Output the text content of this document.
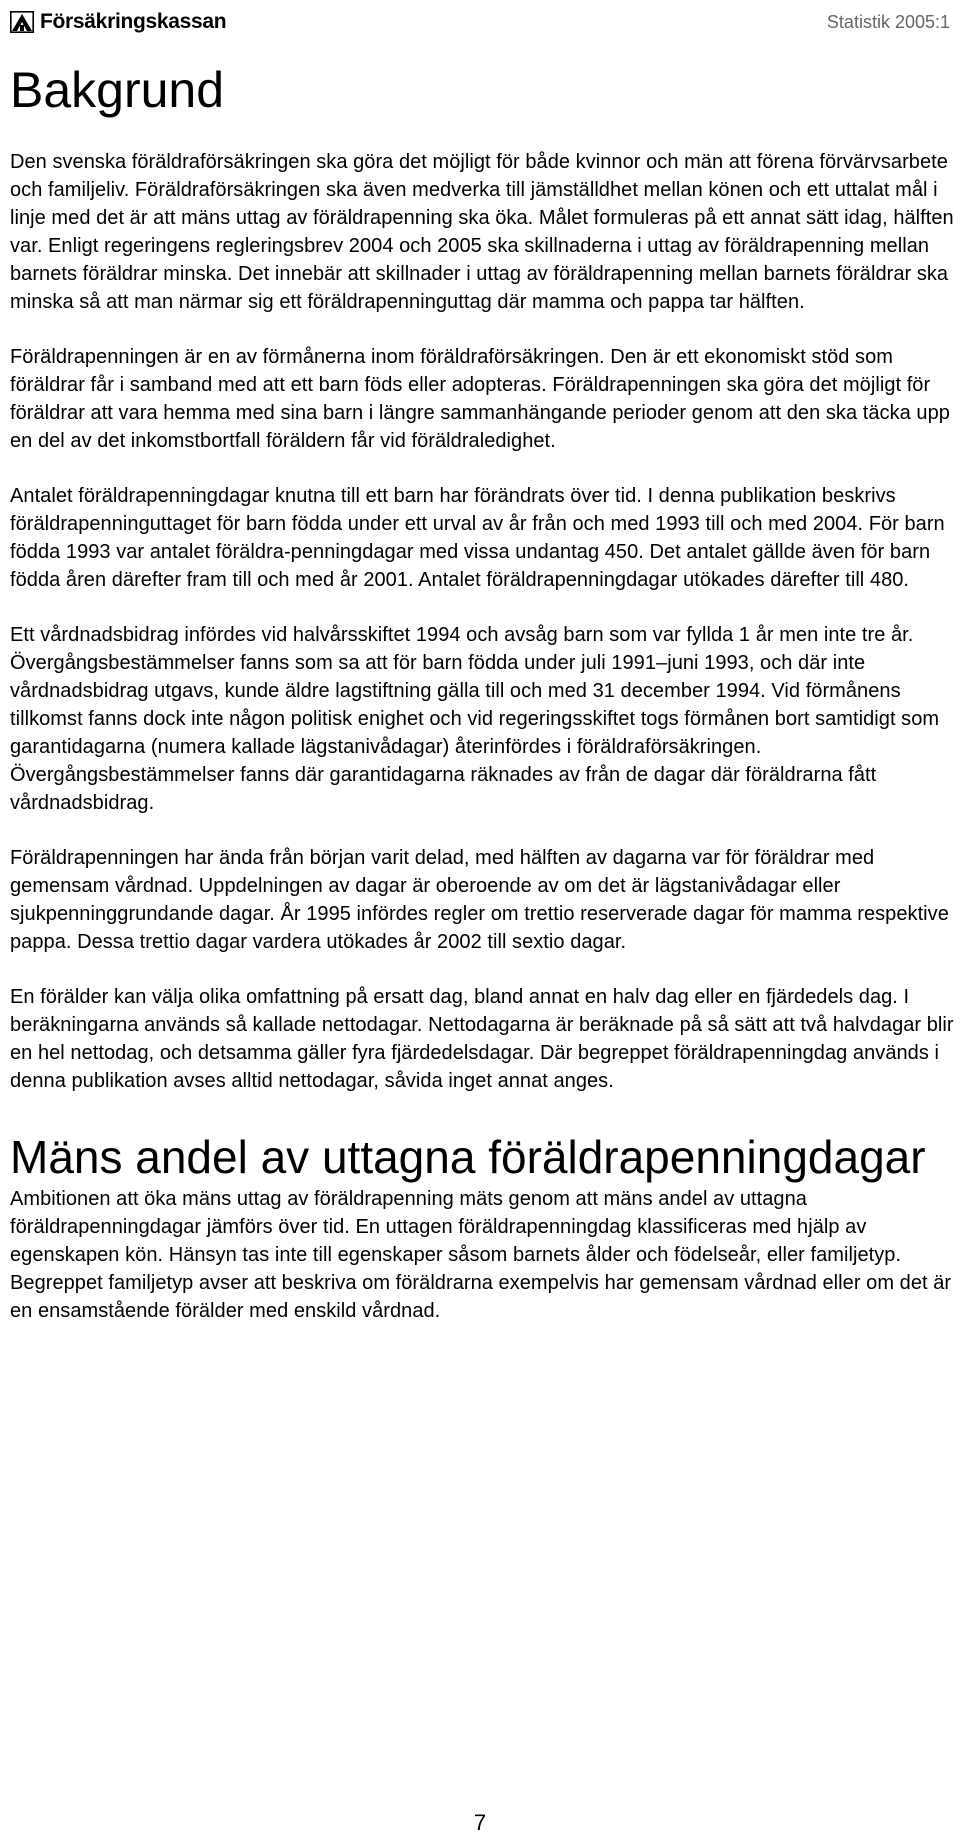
Försäkringskassan	Statistik 2005:1
Bakgrund

Den svenska föräldraförsäkringen ska göra det möjligt för både kvinnor och män att förena förvärvsarbete och familjeliv. Föräldraförsäkringen ska även medverka till jämställdhet mellan könen och ett uttalat mål i linje med det är att mäns uttag av föräldrapenning ska öka. Målet formuleras på ett annat sätt idag, hälften var. Enligt regeringens regleringsbrev 2004 och 2005 ska skillnaderna i uttag av föräldrapenning mellan barnets föräldrar minska. Det innebär att skillnader i uttag av föräldrapenning mellan barnets föräldrar ska minska så att man närmar sig ett föräldrapenninguttag där mamma och pappa tar hälften.

Föräldrapenningen är en av förmånerna inom föräldraförsäkringen. Den är ett ekonomiskt stöd som föräldrar får i samband med att ett barn föds eller adopteras. Föräldrapenningen ska göra det möjligt för föräldrar att vara hemma med sina barn i längre sammanhängande perioder genom att den ska täcka upp en del av det inkomstbortfall föräldern får vid föräldraledighet.

Antalet föräldrapenningdagar knutna till ett barn har förändrats över tid. I denna publikation beskrivs föräldrapenninguttaget för barn födda under ett urval av år från och med 1993 till och med 2004. För barn födda 1993 var antalet föräldra-penningdagar med vissa undantag 450. Det antalet gällde även för barn födda åren därefter fram till och med år 2001. Antalet föräldrapenningdagar utökades därefter till 480.

Ett vårdnadsbidrag infördes vid halvårsskiftet 1994 och avsåg barn som var fyllda 1 år men inte tre år. Övergångsbestämmelser fanns som sa att för barn födda under juli 1991–juni 1993, och där inte vårdnadsbidrag utgavs, kunde äldre lagstiftning gälla till och med 31 december 1994. Vid förmånens tillkomst fanns dock inte någon politisk enighet och vid regeringsskiftet togs förmånen bort samtidigt som garantidagarna (numera kallade lägstanivådagar) återinfördes i föräldraförsäkringen. Övergångsbestämmelser fanns där garantidagarna räknades av från de dagar där föräldrarna fått vårdnadsbidrag.

Föräldrapenningen har ända från början varit delad, med hälften av dagarna var för föräldrar med gemensam vårdnad. Uppdelningen av dagar är oberoende av om det är lägstanivådagar eller sjukpenninggrundande dagar. År 1995 infördes regler om trettio reserverade dagar för mamma respektive pappa. Dessa trettio dagar vardera utökades år 2002 till sextio dagar.

En förälder kan välja olika omfattning på ersatt dag, bland annat en halv dag eller en fjärdedels dag. I beräkningarna används så kallade nettodagar. Nettodagarna är beräknade på så sätt att två halvdagar blir en hel nettodag, och detsamma gäller fyra fjärdedelsdagar. Där begreppet föräldrapenningdag används i denna publikation avses alltid nettodagar, såvida inget annat anges.

Mäns andel av uttagna föräldrapenningdagar

Ambitionen att öka mäns uttag av föräldrapenning mäts genom att mäns andel av uttagna föräldrapenningdagar jämförs över tid. En uttagen föräldrapenningdag klassificeras med hjälp av egenskapen kön. Hänsyn tas inte till egenskaper såsom barnets ålder och födelseår, eller familjetyp. Begreppet familjetyp avser att beskriva om föräldrarna exempelvis har gemensam vårdnad eller om det är en ensamstående förälder med enskild vårdnad.

7
